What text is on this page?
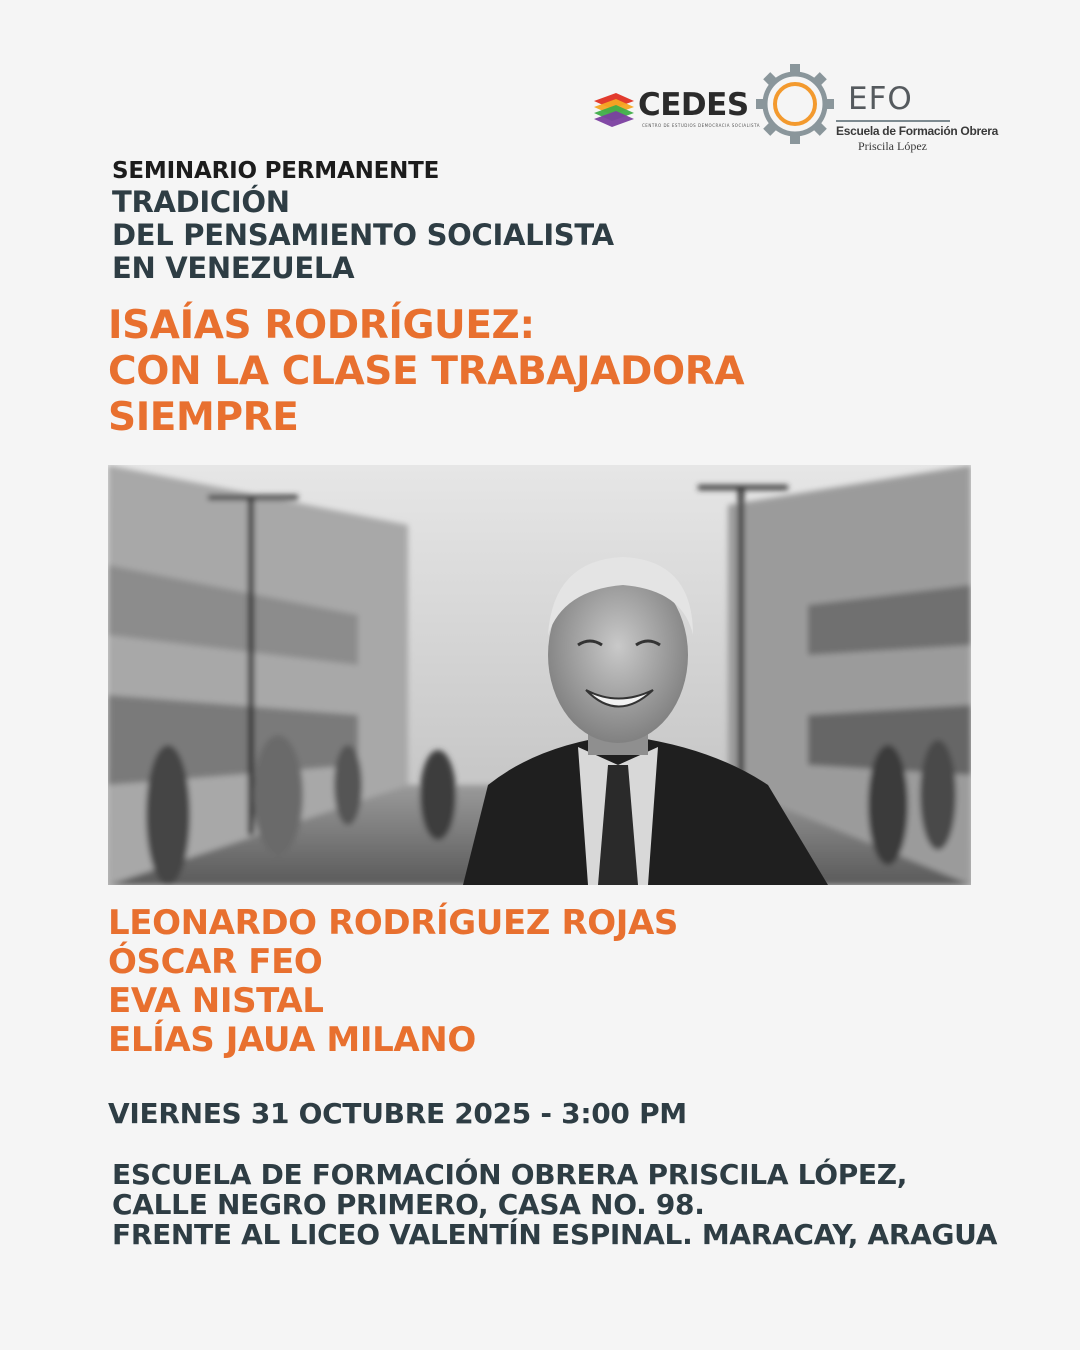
CEDES
CENTRO DE ESTUDIOS DEMOCRACIA SOCIALISTA
EFO
Escuela de Formación Obrera
Priscila López
SEMINARIO PERMANENTE
TRADICIÓN
DEL PENSAMIENTO SOCIALISTA
EN VENEZUELA
ISAÍAS RODRÍGUEZ:
CON LA CLASE TRABAJADORA
SIEMPRE
LEONARDO RODRÍGUEZ ROJAS
ÓSCAR FEO
EVA NISTAL
ELÍAS JAUA MILANO
VIERNES 31 OCTUBRE 2025 - 3:00 PM
ESCUELA DE FORMACIÓN OBRERA PRISCILA LÓPEZ,
CALLE NEGRO PRIMERO, CASA NO. 98.
FRENTE AL LICEO VALENTÍN ESPINAL. MARACAY, ARAGUA
